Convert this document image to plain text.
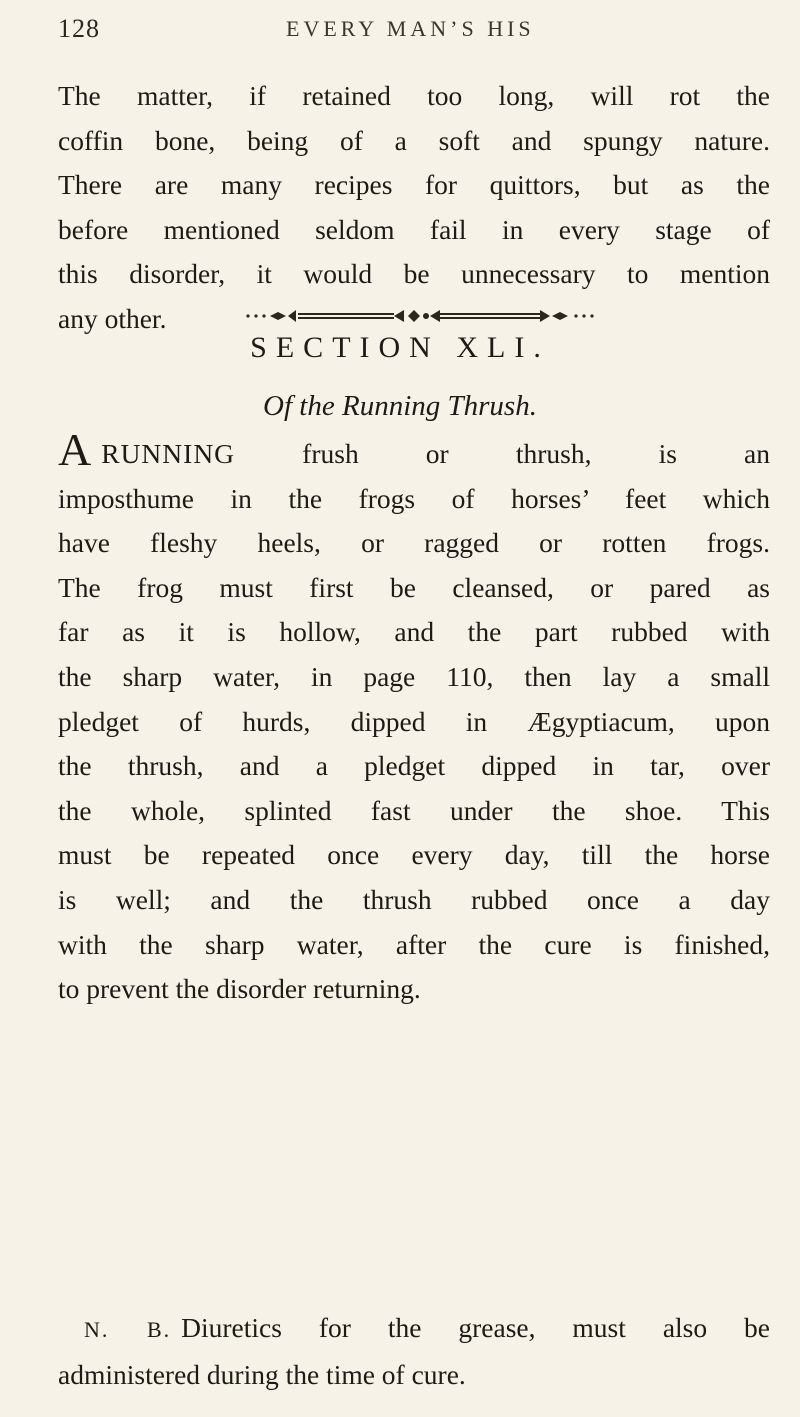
128	EVERY MAN’S HIS
The matter, if retained too long, will rot the
coffin bone, being of a soft and spungy nature.
There are many recipes for quittors, but as the
before mentioned seldom fail in every stage of
this disorder, it would be unnecessary to mention
any other.
SECTION XLI.
Of the Running Thrush.
ARUNNING frush or thrush, is an
imposthume in the frogs of horses’ feet which
have fleshy heels, or ragged or rotten frogs.
The frog must first be cleansed, or pared as
far as it is hollow, and the part rubbed with
the sharp water, in page 110, then lay a small
pledget of hurds, dipped in Ægyptiacum, upon
the thrush, and a pledget dipped in tar, over
the whole, splinted fast under the shoe. This
must be repeated once every day, till the horse
is well; and the thrush rubbed once a day
with the sharp water, after the cure is finished,
to prevent the disorder returning.
N. B. Diuretics for the grease, must also be
administered during the time of cure.
